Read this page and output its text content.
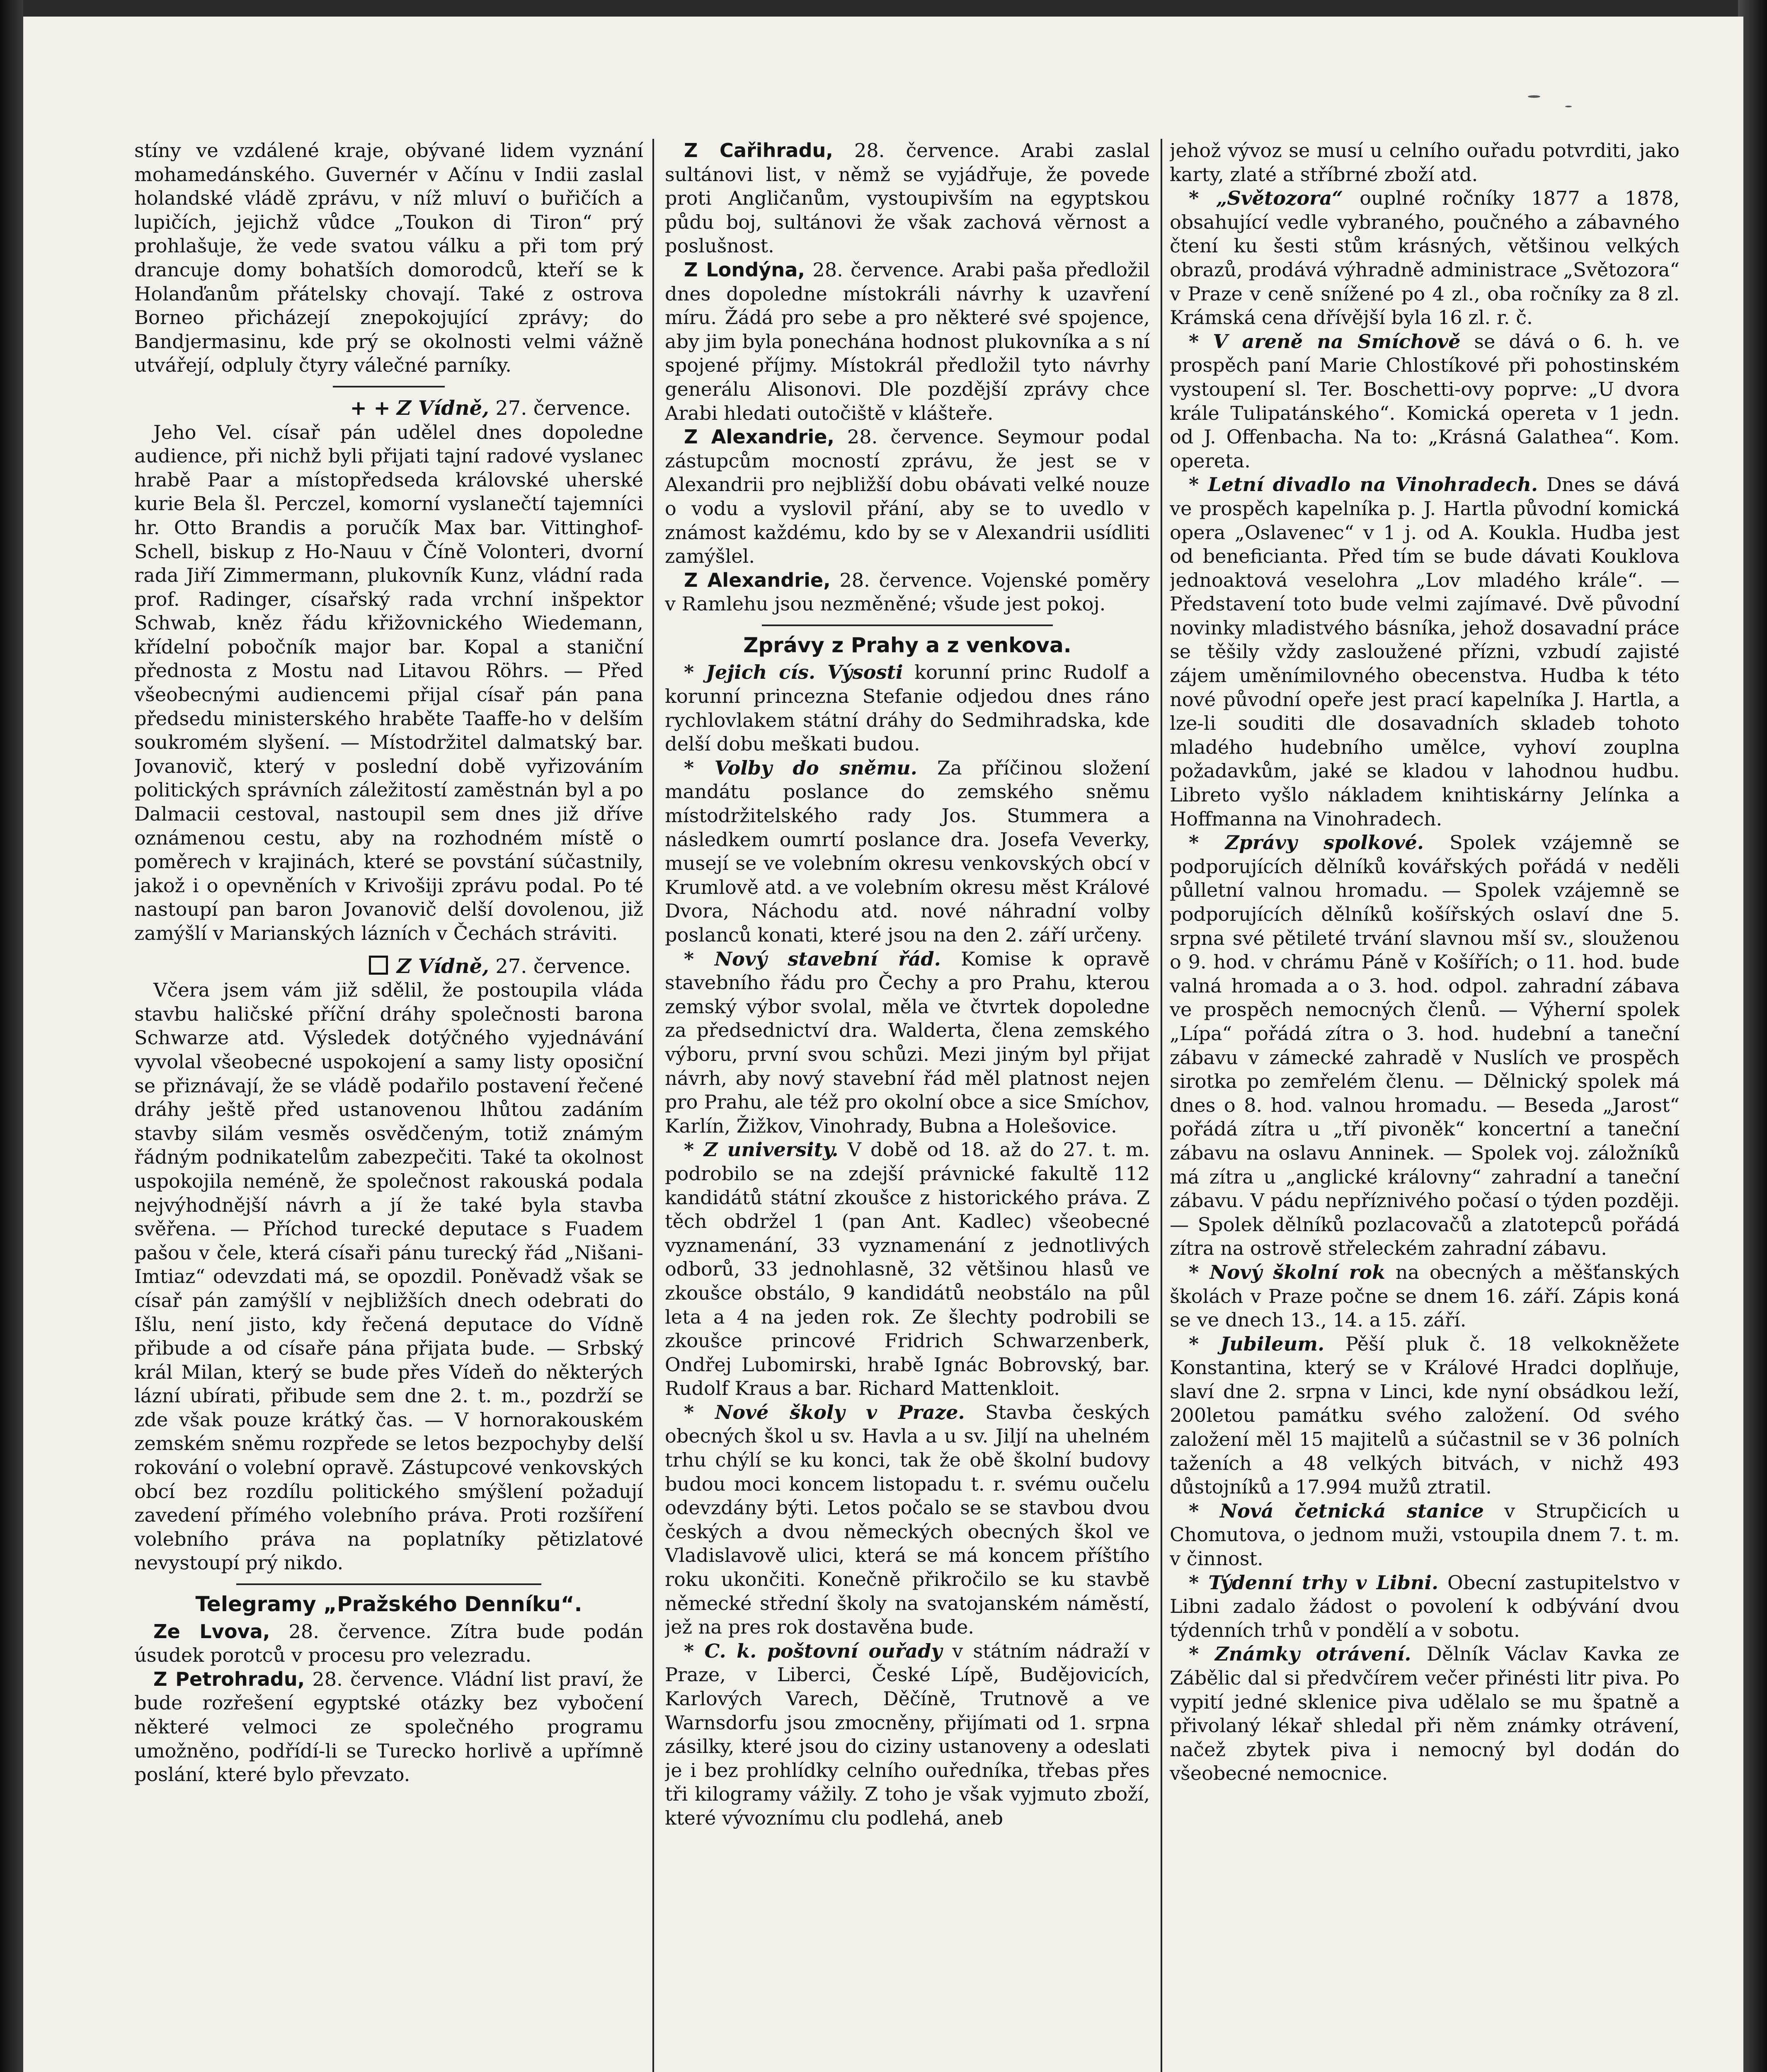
stíny ve vzdálené kraje, obývané lidem vyznání mohamedánského. Guvernér v Ačínu v Indii zaslal holandské vládě zprávu, v níž mluví o buřičích a lupičích, jejichž vůdce „Toukon di Tiron“ prý prohlašuje, že vede svatou válku a při tom prý drancuje domy bohatších domorodců, kteří se k Holanďanům přátelsky chovají. Také z ostrova Borneo přicházejí znepokojující zprávy; do Bandjermasinu, kde prý se okolnosti velmi vážně utvářejí, odpluly čtyry válečné parníky.

+ + Z Vídně, 27. července.

Jeho Vel. císař pán udělel dnes dopoledne audience, při nichž byli přijati tajní radové vyslanec hrabě Paar a místopředseda královské uherské kurie Bela šl. Perczel, komorní vyslanečtí tajemníci hr. Otto Brandis a poručík Max bar. Vittinghof-Schell, biskup z Ho-Nauu v Číně Volonteri, dvorní rada Jiří Zimmermann, plukovník Kunz, vládní rada prof. Radinger, císařský rada vrchní inšpektor Schwab, kněz řádu křižovnického Wiedemann, křídelní pobočník major bar. Kopal a staniční přednosta z Mostu nad Litavou Röhrs. — Před všeobecnými audiencemi přijal císař pán pana předsedu ministerského hraběte Taaffe-ho v delším soukromém slyšení. — Místodržitel dalmatský bar. Jovanovič, který v poslední době vyřizováním politických správních záležitostí zaměstnán byl a po Dalmacii cestoval, nastoupil sem dnes již dříve oznámenou cestu, aby na rozhodném místě o poměrech v krajinách, které se povstání súčastnily, jakož i o opevněních v Krivošiji zprávu podal. Po té nastoupí pan baron Jovanovič delší dovolenou, již zamýšlí v Marianských lázních v Čechách stráviti.

Z Vídně, 27. července.

Včera jsem vám již sdělil, že postoupila vláda stavbu haličské příční dráhy společnosti barona Schwarze atd. Výsledek dotýčného vyjednávání vyvolal všeobecné uspokojení a samy listy oposiční se přiznávají, že se vládě podařilo postavení řečené dráhy ještě před ustanovenou lhůtou zadáním stavby silám vesměs osvědčeným, totiž známým řádným podnikatelům zabezpečiti. Také ta okolnost uspokojila neméně, že společnost rakouská podala nejvýhodnější návrh a jí že také byla stavba svěřena. — Příchod turecké deputace s Fuadem pašou v čele, která císaři pánu turecký řád „Nišani-Imtiaz“ odevzdati má, se opozdil. Poněvadž však se císař pán zamýšlí v nejbližších dnech odebrati do Išlu, není jisto, kdy řečená deputace do Vídně přibude a od císaře pána přijata bude. — Srbský král Milan, který se bude přes Vídeň do některých lázní ubírati, přibude sem dne 2. t. m., pozdrží se zde však pouze krátký čas. — V hornorakouském zemském sněmu rozpřede se letos bezpochyby delší rokování o volební opravě. Zástupcové venkovských obcí bez rozdílu politického smýšlení požadují zavedení přímého volebního práva. Proti rozšíření volebního práva na poplatníky pětizlatové nevystoupí prý nikdo.

Telegramy „Pražského Denníku“.

Ze Lvova, 28. července. Zítra bude podán úsudek porotců v procesu pro velezradu.

Z Petrohradu, 28. července. Vládní list praví, že bude rozřešení egyptské otázky bez vybočení některé velmoci ze společného programu umožněno, podřídí-li se Turecko horlivě a upřímně poslání, které bylo převzato.

Z Cařihradu, 28. července. Arabi zaslal sultánovi list, v němž se vyjádřuje, že povede proti Angličanům, vystoupivším na egyptskou půdu boj, sultánovi že však zachová věrnost a poslušnost.

Z Londýna, 28. července. Arabi paša předložil dnes dopoledne místokráli návrhy k uzavření míru. Žádá pro sebe a pro některé své spojence, aby jim byla ponechána hodnost plukovníka a s ní spojené příjmy. Místokrál předložil tyto návrhy generálu Alisonovi. Dle pozdější zprávy chce Arabi hledati outočiště v klášteře.

Z Alexandrie, 28. července. Seymour podal zástupcům mocností zprávu, že jest se v Alexandrii pro nejbližší dobu obávati velké nouze o vodu a vyslovil přání, aby se to uvedlo v známost každému, kdo by se v Alexandrii usídliti zamýšlel.

Z Alexandrie, 28. července. Vojenské poměry v Ramlehu jsou nezměněné; všude jest pokoj.

Zprávy z Prahy a z venkova.

* Jejich cís. Výsosti korunní princ Rudolf a korunní princezna Stefanie odjedou dnes ráno rychlovlakem státní dráhy do Sedmihradska, kde delší dobu meškati budou.

* Volby do sněmu. Za příčinou složení mandátu poslance do zemského sněmu místodržitelského rady Jos. Stummera a následkem oumrtí poslance dra. Josefa Veverky, musejí se ve volebním okresu venkovských obcí v Krumlově atd. a ve volebním okresu měst Králové Dvora, Náchodu atd. nové náhradní volby poslanců konati, které jsou na den 2. září určeny.

* Nový stavební řád. Komise k opravě stavebního řádu pro Čechy a pro Prahu, kterou zemský výbor svolal, měla ve čtvrtek dopoledne za předsednictví dra. Walderta, člena zemského výboru, první svou schůzi. Mezi jiným byl přijat návrh, aby nový stavební řád měl platnost nejen pro Prahu, ale též pro okolní obce a sice Smíchov, Karlín, Žižkov, Vinohrady, Bubna a Holešovice.

* Z university. V době od 18. až do 27. t. m. podrobilo se na zdejší právnické fakultě 112 kandidátů státní zkoušce z historického práva. Z těch obdržel 1 (pan Ant. Kadlec) všeobecné vyznamenání, 33 vyznamenání z jednotlivých odborů, 33 jednohlasně, 32 většinou hlasů ve zkoušce obstálo, 9 kandidátů neobstálo na půl leta a 4 na jeden rok. Ze šlechty podrobili se zkoušce princové Fridrich Schwarzenberk, Ondřej Lubomirski, hrabě Ignác Bobrovský, bar. Rudolf Kraus a bar. Richard Mattenkloit.

* Nové školy v Praze. Stavba českých obecných škol u sv. Havla a u sv. Jiljí na uhelném trhu chýlí se ku konci, tak že obě školní budovy budou moci koncem listopadu t. r. svému oučelu odevzdány býti. Letos počalo se se stavbou dvou českých a dvou německých obecných škol ve Vladislavově ulici, která se má koncem příštího roku ukončiti. Konečně přikročilo se ku stavbě německé střední školy na svatojanském náměstí, jež na pres rok dostavěna bude.

* C. k. poštovní ouřady v státním nádraží v Praze, v Liberci, České Lípě, Budějovicích, Karlových Varech, Děčíně, Trutnově a ve Warnsdorfu jsou zmocněny, přijímati od 1. srpna zásilky, které jsou do ciziny ustanoveny a odeslati je i bez prohlídky celního ouředníka, třebas přes tři kilogramy vážily. Z toho je však vyjmuto zboží, které vývoznímu clu podlehá, aneb

jehož vývoz se musí u celního ouřadu potvrditi, jako karty, zlaté a stříbrné zboží atd.

* „Světozora“ ouplné ročníky 1877 a 1878, obsahující vedle vybraného, poučného a zábavného čtení ku šesti stům krásných, většinou velkých obrazů, prodává výhradně administrace „Světozora“ v Praze v ceně snížené po 4 zl., oba ročníky za 8 zl. Krámská cena dřívější byla 16 zl. r. č.

* V areně na Smíchově se dává o 6. h. ve prospěch paní Marie Chlostíkové při pohostinském vystoupení sl. Ter. Boschetti-ovy poprve: „U dvora krále Tulipatánského“. Komická opereta v 1 jedn. od J. Offenbacha. Na to: „Krásná Galathea“. Kom. opereta.

* Letní divadlo na Vinohradech. Dnes se dává ve prospěch kapelníka p. J. Hartla původní komická opera „Oslavenec“ v 1 j. od A. Koukla. Hudba jest od beneficianta. Před tím se bude dávati Kouklova jednoaktová veselohra „Lov mladého krále“. — Představení toto bude velmi zajímavé. Dvě původní novinky mladistvého básníka, jehož dosavadní práce se těšily vždy zasloužené přízni, vzbudí zajisté zájem uměnímilovného obecenstva. Hudba k této nové původní opeře jest prací kapelníka J. Hartla, a lze-li souditi dle dosavadních skladeb tohoto mladého hudebního umělce, vyhoví zouplna požadavkům, jaké se kladou v lahodnou hudbu. Libreto vyšlo nákladem knihtiskárny Jelínka a Hoffmanna na Vinohradech.

* Zprávy spolkové. Spolek vzájemně se podporujících dělníků kovářských pořádá v neděli půlletní valnou hromadu. — Spolek vzájemně se podporujících dělníků košířských oslaví dne 5. srpna své pětileté trvání slavnou mší sv., slouženou o 9. hod. v chrámu Páně v Košířích; o 11. hod. bude valná hromada a o 3. hod. odpol. zahradní zábava ve prospěch nemocných členů. — Výherní spolek „Lípa“ pořádá zítra o 3. hod. hudební a taneční zábavu v zámecké zahradě v Nuslích ve prospěch sirotka po zemřelém členu. — Dělnický spolek má dnes o 8. hod. valnou hromadu. — Beseda „Jarost“ pořádá zítra u „tří pivoněk“ koncertní a taneční zábavu na oslavu Anninek. — Spolek voj. záložníků má zítra u „anglické královny“ zahradní a taneční zábavu. V pádu nepříznivého počasí o týden později. — Spolek dělníků pozlacovačů a zlatotepců pořádá zítra na ostrově střeleckém zahradní zábavu.

* Nový školní rok na obecných a měšťanských školách v Praze počne se dnem 16. září. Zápis koná se ve dnech 13., 14. a 15. září.

* Jubileum. Pěší pluk č. 18 velkokněžete Konstantina, který se v Králové Hradci doplňuje, slaví dne 2. srpna v Linci, kde nyní obsádkou leží, 200letou památku svého založení. Od svého založení měl 15 majitelů a súčastnil se v 36 polních taženích a 48 velkých bitvách, v nichž 493 důstojníků a 17.994 mužů ztratil.

* Nová četnická stanice v Strupčicích u Chomutova, o jednom muži, vstoupila dnem 7. t. m. v činnost.

* Týdenní trhy v Libni. Obecní zastupitelstvo v Libni zadalo žádost o povolení k odbývání dvou týdenních trhů v pondělí a v sobotu.

* Známky otrávení. Dělník Václav Kavka ze Zábělic dal si předvčírem večer přinésti litr piva. Po vypití jedné sklenice piva udělalo se mu špatně a přivolaný lékař shledal při něm známky otrávení, načež zbytek piva i nemocný byl dodán do všeobecné nemocnice.
